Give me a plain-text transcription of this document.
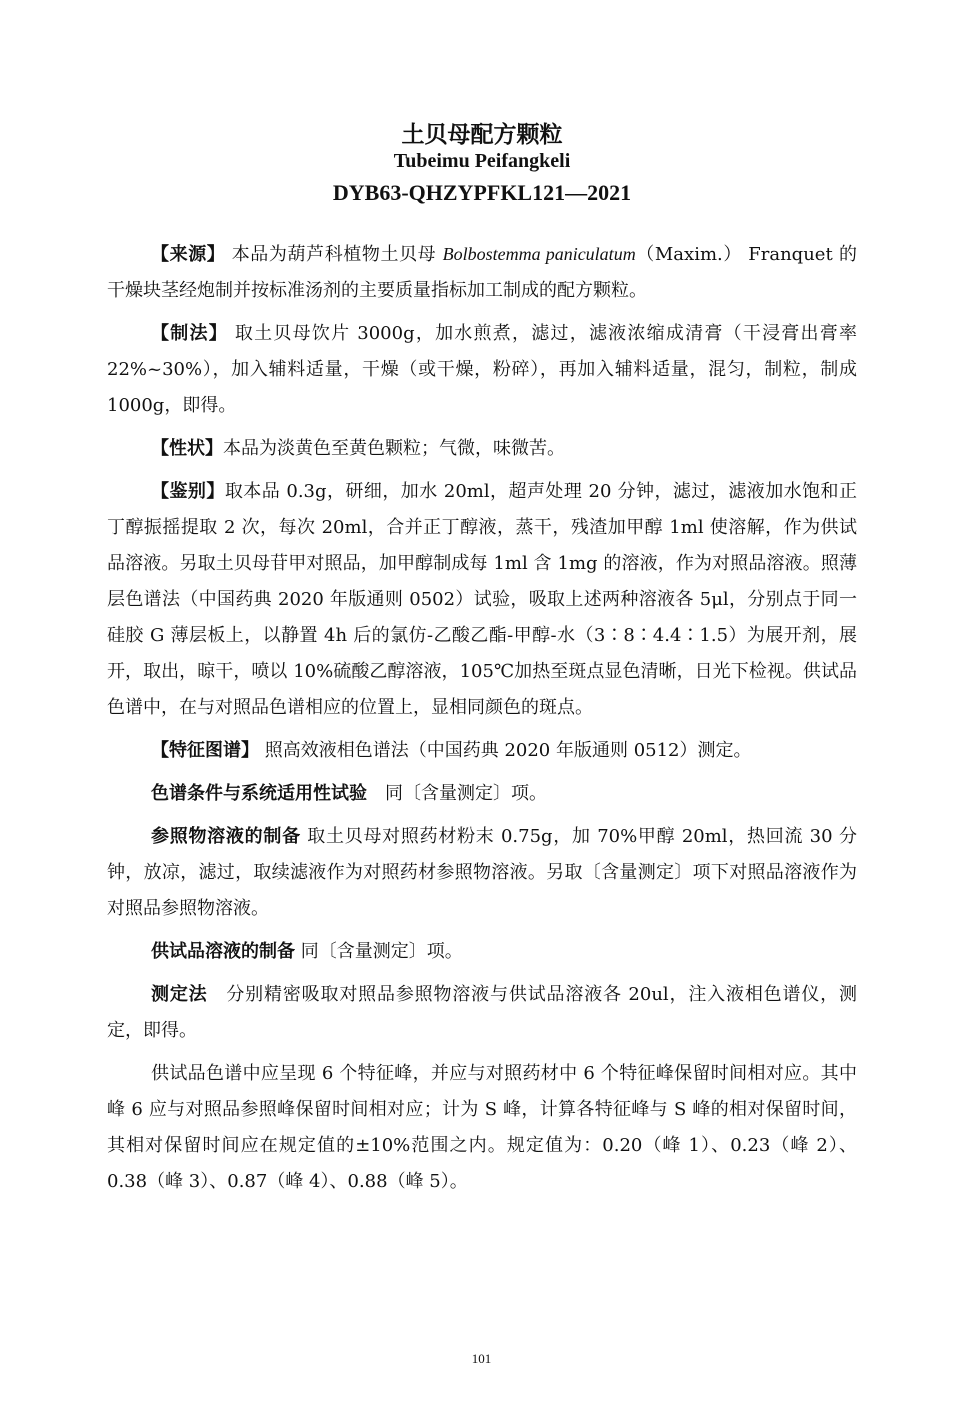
土贝母配方颗粒
Tubeimu Peifangkeli
DYB63-QHZYPFKL121—2021

【来源】 本品为葫芦科植物土贝母 Bolbostemma paniculatum（Maxim.） Franquet 的干燥块茎经炮制并按标准汤剂的主要质量指标加工制成的配方颗粒。

【制法】 取土贝母饮片 3000g，加水煎煮，滤过，滤液浓缩成清膏（干浸膏出膏率 22%~30%），加入辅料适量，干燥（或干燥，粉碎），再加入辅料适量，混匀，制粒，制成 1000g，即得。

【性状】本品为淡黄色至黄色颗粒；气微，味微苦。

【鉴别】取本品 0.3g，研细，加水 20ml，超声处理 20 分钟，滤过，滤液加水饱和正丁醇振摇提取 2 次，每次 20ml，合并正丁醇液，蒸干，残渣加甲醇 1ml 使溶解，作为供试品溶液。另取土贝母苷甲对照品，加甲醇制成每 1ml 含 1mg 的溶液，作为对照品溶液。照薄层色谱法（中国药典 2020 年版通则 0502）试验，吸取上述两种溶液各 5μl，分别点于同一硅胶 G 薄层板上，以静置 4h 后的氯仿-乙酸乙酯-甲醇-水（3∶8∶4.4∶1.5）为展开剂，展开，取出，晾干，喷以 10%硫酸乙醇溶液，105℃加热至斑点显色清晰，日光下检视。供试品色谱中，在与对照品色谱相应的位置上，显相同颜色的斑点。

【特征图谱】 照高效液相色谱法（中国药典 2020 年版通则 0512）测定。

色谱条件与系统适用性试验　同〔含量测定〕项。

参照物溶液的制备 取土贝母对照药材粉末 0.75g，加 70%甲醇 20ml，热回流 30 分钟，放凉，滤过，取续滤液作为对照药材参照物溶液。另取〔含量测定〕项下对照品溶液作为对照品参照物溶液。

供试品溶液的制备 同〔含量测定〕项。

测定法　分别精密吸取对照品参照物溶液与供试品溶液各 20ul，注入液相色谱仪，测定，即得。

供试品色谱中应呈现 6 个特征峰，并应与对照药材中 6 个特征峰保留时间相对应。其中峰 6 应与对照品参照峰保留时间相对应；计为 S 峰，计算各特征峰与 S 峰的相对保留时间，其相对保留时间应在规定值的±10%范围之内。规定值为：0.20（峰 1）、0.23（峰 2）、 0.38（峰 3）、0.87（峰 4）、0.88（峰 5）。

101
